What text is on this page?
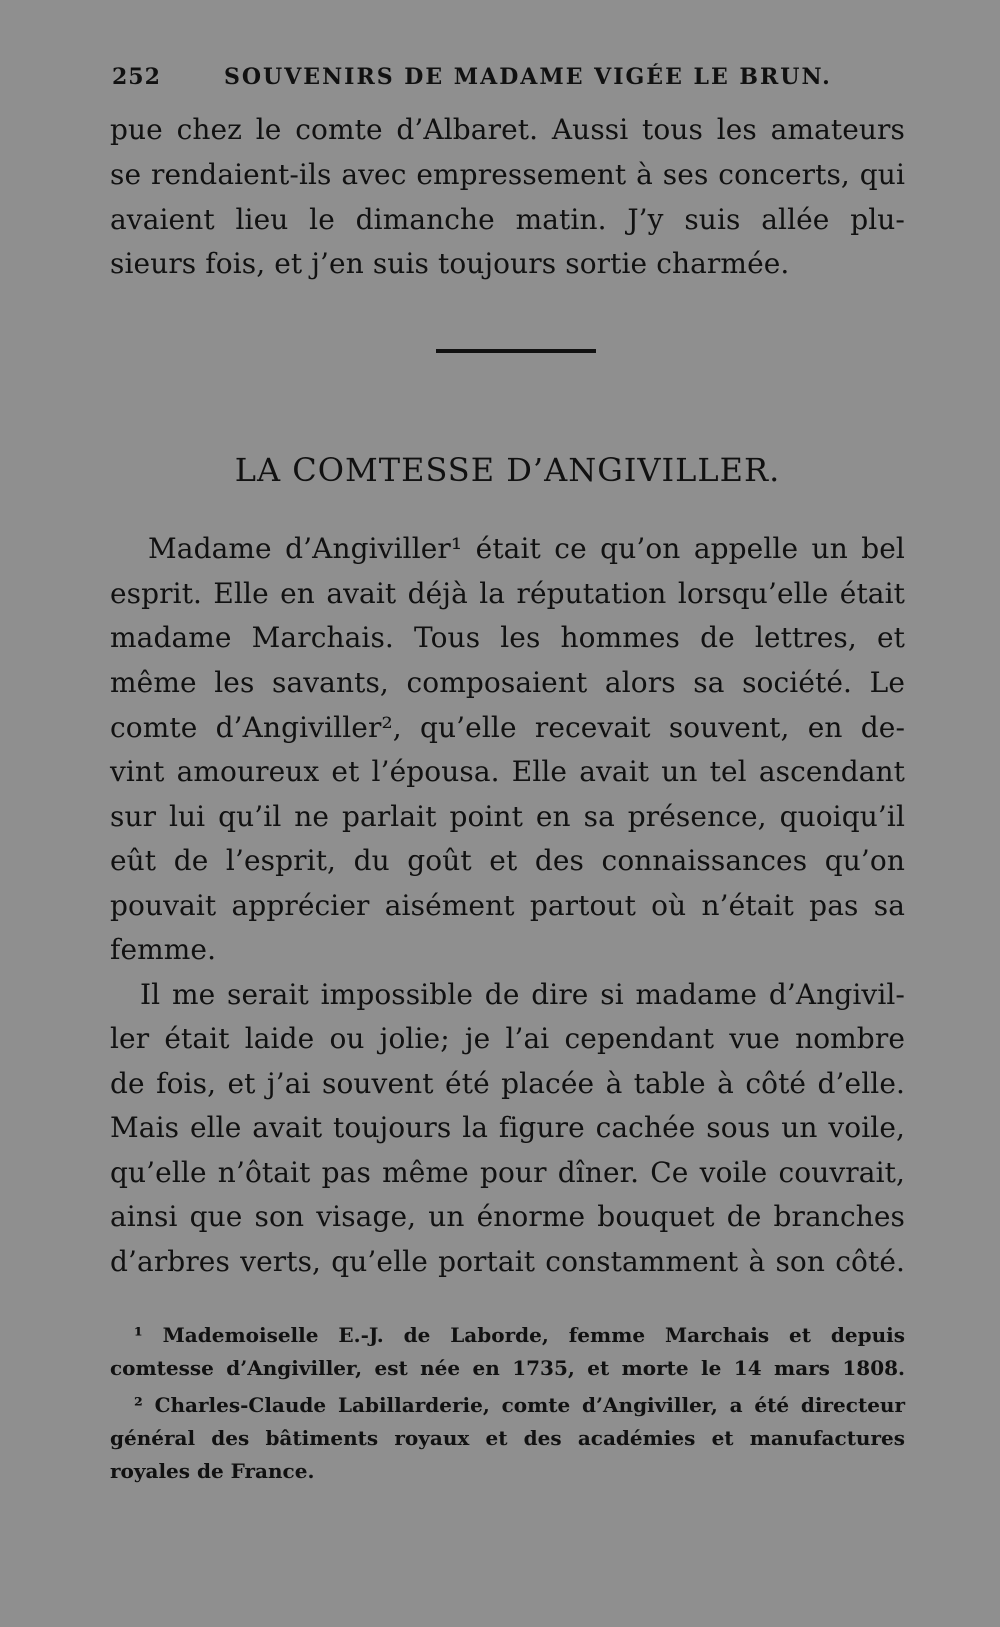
252	SOUVENIRS DE MADAME VIGÉE LE BRUN.
pue chez le comte d’Albaret. Aussi tous les amateurs
se rendaient-ils avec empressement à ses concerts, qui
avaient lieu le dimanche matin. J’y suis allée plu-
sieurs fois, et j’en suis toujours sortie charmée.
LA COMTESSE D’ANGIVILLER.
Madame d’Angiviller¹ était ce qu’on appelle un bel
esprit. Elle en avait déjà la réputation lorsqu’elle était
madame Marchais. Tous les hommes de lettres, et
même les savants, composaient alors sa société. Le
comte d’Angiviller², qu’elle recevait souvent, en de-
vint amoureux et l’épousa. Elle avait un tel ascendant
sur lui qu’il ne parlait point en sa présence, quoiqu’il
eût de l’esprit, du goût et des connaissances qu’on
pouvait apprécier aisément partout où n’était pas sa
femme.
Il me serait impossible de dire si madame d’Angivil-
ler était laide ou jolie; je l’ai cependant vue nombre
de fois, et j’ai souvent été placée à table à côté d’elle.
Mais elle avait toujours la figure cachée sous un voile,
qu’elle n’ôtait pas même pour dîner. Ce voile couvrait,
ainsi que son visage, un énorme bouquet de branches
d’arbres verts, qu’elle portait constamment à son côté.
¹ Mademoiselle E.-J. de Laborde, femme Marchais et depuis
comtesse d’Angiviller, est née en 1735, et morte le 14 mars 1808.
² Charles-Claude Labillarderie, comte d’Angiviller, a été directeur
général des bâtiments royaux et des académies et manufactures
royales de France.
